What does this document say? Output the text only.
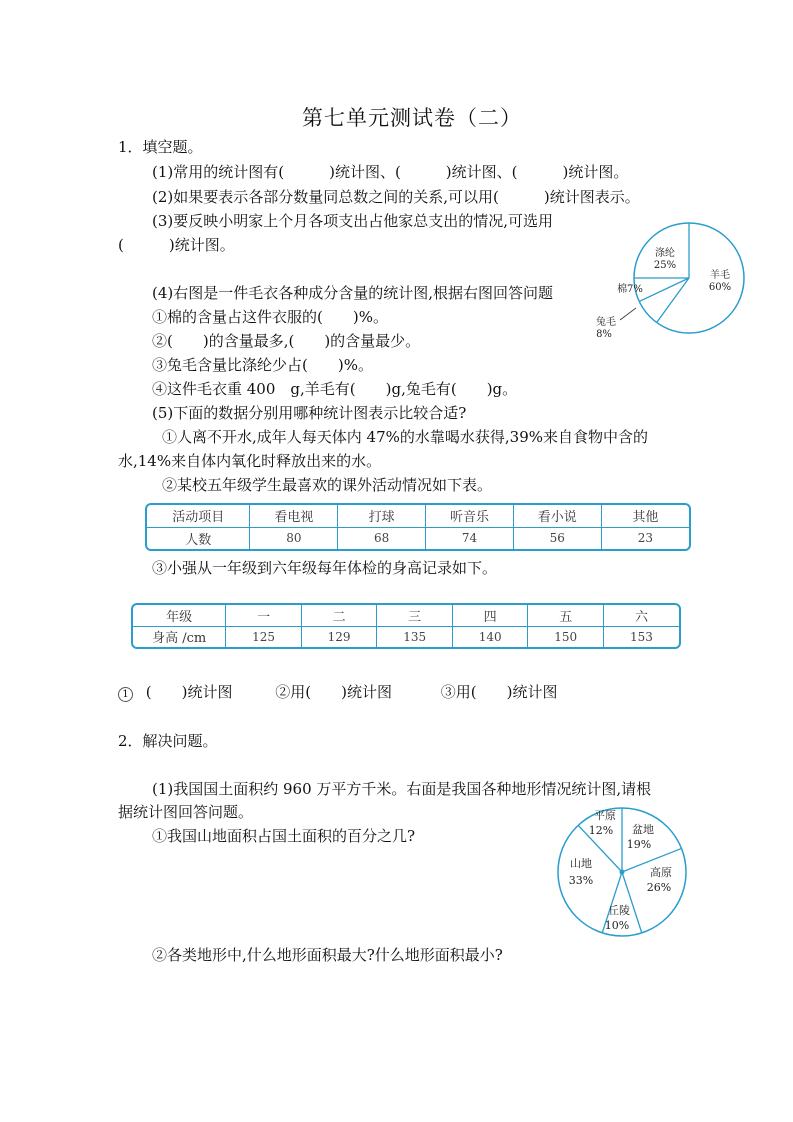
第七单元测试卷（二）
1．填空题。
(1)常用的统计图有(　　　)统计图、(　　　)统计图、(　　　)统计图。
(2)如果要表示各部分数量同总数之间的关系,可以用(　　　)统计图表示。
(3)要反映小明家上个月各项支出占他家总支出的情况,可选用
(　　　)统计图。
(4)右图是一件毛衣各种成分含量的统计图,根据右图回答问题
①棉的含量占这件衣服的(　　)%。
②(　　)的含量最多,(　　)的含量最少。
③兔毛含量比涤纶少占(　　)%。
④这件毛衣重 400　g,羊毛有(　　)g,兔毛有(　　)g。
(5)下面的数据分别用哪种统计图表示比较合适?
①人离不开水,成年人每天体内 47%的水靠喝水获得,39%来自食物中含的
水,14%来自体内氧化时释放出来的水。
②某校五年级学生最喜欢的课外活动情况如下表。
涤纶
25%
羊毛
60%
棉7%
兔毛
8%
活动项目	看电视	打球	听音乐	看小说	其他
人数	80	68	74	56	23
③小强从一年级到六年级每年体检的身高记录如下。
年级	一	二	三	四	五	六
身高 /cm	125	129	135	140	150	153
1 (　　)统计图	②用(　　)统计图	③用(　　)统计图
2．解决问题。
(1)我国国土面积约 960 万平方千米。右面是我国各种地形情况统计图,请根
据统计图回答问题。
①我国山地面积占国土面积的百分之几?
②各类地形中,什么地形面积最大?什么地形面积最小?
平原
12% 盆地
19%
山地
33%
高原
26%
丘陵
10%
